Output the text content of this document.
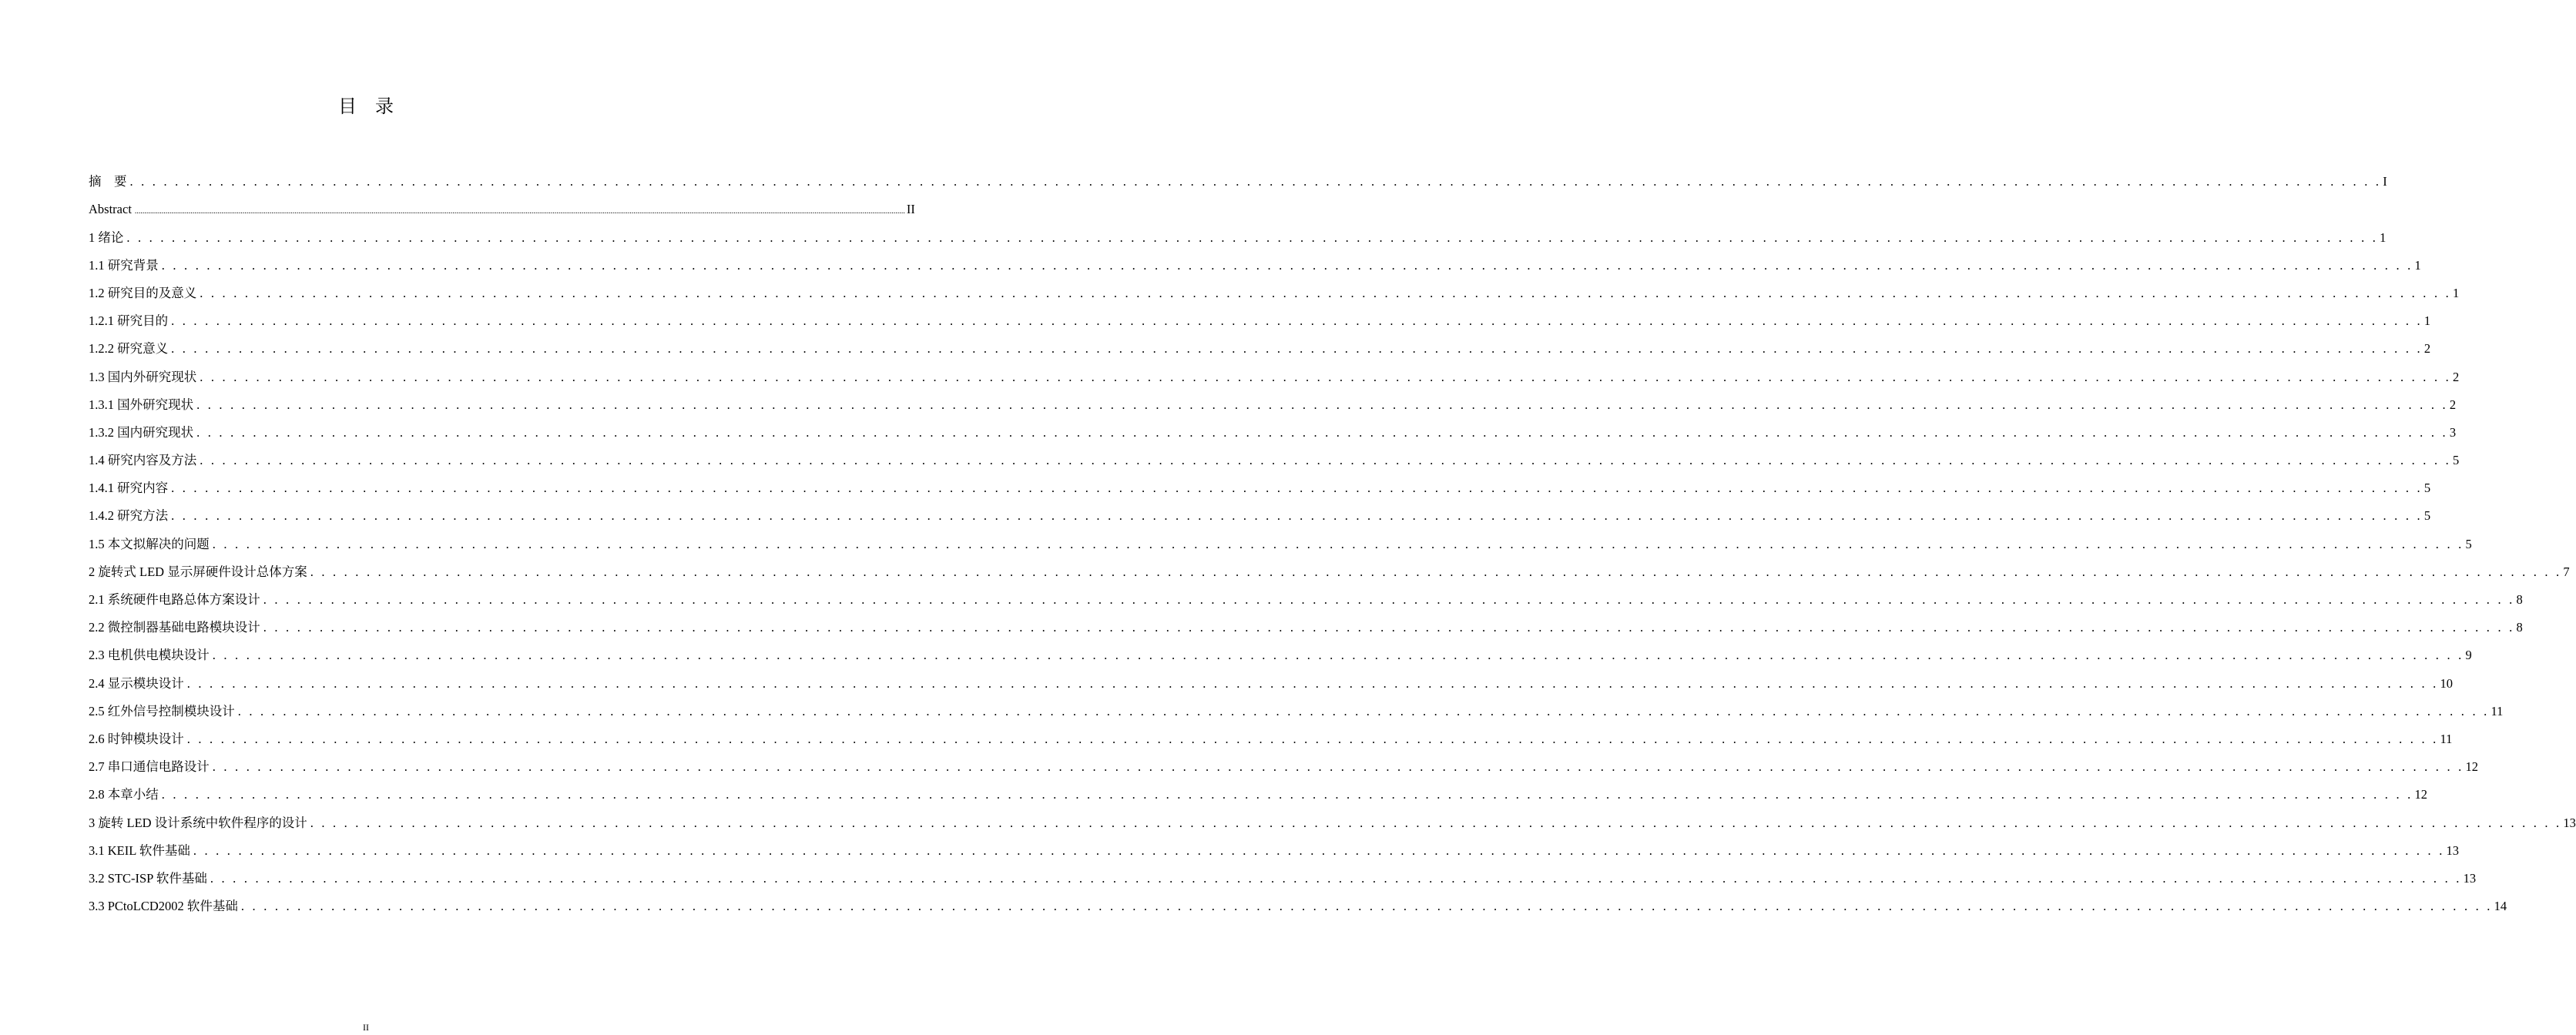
目　录
摘　要 . . . . . . . . . . . . . . . . . . . . . . . . . . . . . . . . . . . . . . . . . . . . . . . . . . . . . . . . . . . . . . . . . . . . . . . . . . . . . . . . . . . . . . . . . . . . . . . . . . . . . . . . . . . . . . . . . . . . . . . . . . . . . . . . . . . . . . . . . . . . . . . . . . . . . . . . . . . . . . . . . . . . . . . . . . . . . . . . . . . . . . . . . . . . . . . . . . . . . . . . I
Abstract ................................................................................................................................................................................................................................................................................................................................................................................................................ II
1 绪论 . . . . . . . . . . . . . . . . . . . . . . . . . . . . . . . . . . . . . . . . . . . . . . . . . . . . . . . . . . . . . . . . . . . . . . . . . . . . . . . . . . . . . . . . . . . . . . . . . . . . . . . . . . . . . . . . . . . . . . . . . . . . . . . . . . . . . . . . . . . . . . . . . . . . . . . . . . . . . . . . . . . . . . . . . . . . . . . . . . . . . . . . . . . . . . . . . . . . . . . . 1
1.1 研究背景 . . . . . . . . . . . . . . . . . . . . . . . . . . . . . . . . . . . . . . . . . . . . . . . . . . . . . . . . . . . . . . . . . . . . . . . . . . . . . . . . . . . . . . . . . . . . . . . . . . . . . . . . . . . . . . . . . . . . . . . . . . . . . . . . . . . . . . . . . . . . . . . . . . . . . . . . . . . . . . . . . . . . . . . . . . . . . . . . . . . . . . . . . . . . . . . . . . . . . . . . 1
1.2 研究目的及意义 . . . . . . . . . . . . . . . . . . . . . . . . . . . . . . . . . . . . . . . . . . . . . . . . . . . . . . . . . . . . . . . . . . . . . . . . . . . . . . . . . . . . . . . . . . . . . . . . . . . . . . . . . . . . . . . . . . . . . . . . . . . . . . . . . . . . . . . . . . . . . . . . . . . . . . . . . . . . . . . . . . . . . . . . . . . . . . . . . . . . . . . . . . . . . . . . . . . . . . . . 1
1.2.1 研究目的 . . . . . . . . . . . . . . . . . . . . . . . . . . . . . . . . . . . . . . . . . . . . . . . . . . . . . . . . . . . . . . . . . . . . . . . . . . . . . . . . . . . . . . . . . . . . . . . . . . . . . . . . . . . . . . . . . . . . . . . . . . . . . . . . . . . . . . . . . . . . . . . . . . . . . . . . . . . . . . . . . . . . . . . . . . . . . . . . . . . . . . . . . . . . . . . . . . . . . . . . 1
1.2.2 研究意义 . . . . . . . . . . . . . . . . . . . . . . . . . . . . . . . . . . . . . . . . . . . . . . . . . . . . . . . . . . . . . . . . . . . . . . . . . . . . . . . . . . . . . . . . . . . . . . . . . . . . . . . . . . . . . . . . . . . . . . . . . . . . . . . . . . . . . . . . . . . . . . . . . . . . . . . . . . . . . . . . . . . . . . . . . . . . . . . . . . . . . . . . . . . . . . . . . . . . . . . . 2
1.3 国内外研究现状 . . . . . . . . . . . . . . . . . . . . . . . . . . . . . . . . . . . . . . . . . . . . . . . . . . . . . . . . . . . . . . . . . . . . . . . . . . . . . . . . . . . . . . . . . . . . . . . . . . . . . . . . . . . . . . . . . . . . . . . . . . . . . . . . . . . . . . . . . . . . . . . . . . . . . . . . . . . . . . . . . . . . . . . . . . . . . . . . . . . . . . . . . . . . . . . . . . . . . . . . 2
1.3.1 国外研究现状 . . . . . . . . . . . . . . . . . . . . . . . . . . . . . . . . . . . . . . . . . . . . . . . . . . . . . . . . . . . . . . . . . . . . . . . . . . . . . . . . . . . . . . . . . . . . . . . . . . . . . . . . . . . . . . . . . . . . . . . . . . . . . . . . . . . . . . . . . . . . . . . . . . . . . . . . . . . . . . . . . . . . . . . . . . . . . . . . . . . . . . . . . . . . . . . . . . . . . . . . 2
1.3.2 国内研究现状 . . . . . . . . . . . . . . . . . . . . . . . . . . . . . . . . . . . . . . . . . . . . . . . . . . . . . . . . . . . . . . . . . . . . . . . . . . . . . . . . . . . . . . . . . . . . . . . . . . . . . . . . . . . . . . . . . . . . . . . . . . . . . . . . . . . . . . . . . . . . . . . . . . . . . . . . . . . . . . . . . . . . . . . . . . . . . . . . . . . . . . . . . . . . . . . . . . . . . . . . 3
1.4 研究内容及方法 . . . . . . . . . . . . . . . . . . . . . . . . . . . . . . . . . . . . . . . . . . . . . . . . . . . . . . . . . . . . . . . . . . . . . . . . . . . . . . . . . . . . . . . . . . . . . . . . . . . . . . . . . . . . . . . . . . . . . . . . . . . . . . . . . . . . . . . . . . . . . . . . . . . . . . . . . . . . . . . . . . . . . . . . . . . . . . . . . . . . . . . . . . . . . . . . . . . . . . . . 5
1.4.1 研究内容 . . . . . . . . . . . . . . . . . . . . . . . . . . . . . . . . . . . . . . . . . . . . . . . . . . . . . . . . . . . . . . . . . . . . . . . . . . . . . . . . . . . . . . . . . . . . . . . . . . . . . . . . . . . . . . . . . . . . . . . . . . . . . . . . . . . . . . . . . . . . . . . . . . . . . . . . . . . . . . . . . . . . . . . . . . . . . . . . . . . . . . . . . . . . . . . . . . . . . . . . 5
1.4.2 研究方法 . . . . . . . . . . . . . . . . . . . . . . . . . . . . . . . . . . . . . . . . . . . . . . . . . . . . . . . . . . . . . . . . . . . . . . . . . . . . . . . . . . . . . . . . . . . . . . . . . . . . . . . . . . . . . . . . . . . . . . . . . . . . . . . . . . . . . . . . . . . . . . . . . . . . . . . . . . . . . . . . . . . . . . . . . . . . . . . . . . . . . . . . . . . . . . . . . . . . . . . . 5
1.5 本文拟解决的问题 . . . . . . . . . . . . . . . . . . . . . . . . . . . . . . . . . . . . . . . . . . . . . . . . . . . . . . . . . . . . . . . . . . . . . . . . . . . . . . . . . . . . . . . . . . . . . . . . . . . . . . . . . . . . . . . . . . . . . . . . . . . . . . . . . . . . . . . . . . . . . . . . . . . . . . . . . . . . . . . . . . . . . . . . . . . . . . . . . . . . . . . . . . . . . . . . . . . . . . . . 5
2 旋转式 LED 显示屏硬件设计总体方案 . . . . . . . . . . . . . . . . . . . . . . . . . . . . . . . . . . . . . . . . . . . . . . . . . . . . . . . . . . . . . . . . . . . . . . . . . . . . . . . . . . . . . . . . . . . . . . . . . . . . . . . . . . . . . . . . . . . . . . . . . . . . . . . . . . . . . . . . . . . . . . . . . . . . . . . . . . . . . . . . . . . . . . . . . . . . . . . . . . . . . . . . . . . . . . . . . . . . . . . . 7
2.1 系统硬件电路总体方案设计 . . . . . . . . . . . . . . . . . . . . . . . . . . . . . . . . . . . . . . . . . . . . . . . . . . . . . . . . . . . . . . . . . . . . . . . . . . . . . . . . . . . . . . . . . . . . . . . . . . . . . . . . . . . . . . . . . . . . . . . . . . . . . . . . . . . . . . . . . . . . . . . . . . . . . . . . . . . . . . . . . . . . . . . . . . . . . . . . . . . . . . . . . . . . . . . . . . . . . . . . 8
2.2 微控制器基础电路模块设计 . . . . . . . . . . . . . . . . . . . . . . . . . . . . . . . . . . . . . . . . . . . . . . . . . . . . . . . . . . . . . . . . . . . . . . . . . . . . . . . . . . . . . . . . . . . . . . . . . . . . . . . . . . . . . . . . . . . . . . . . . . . . . . . . . . . . . . . . . . . . . . . . . . . . . . . . . . . . . . . . . . . . . . . . . . . . . . . . . . . . . . . . . . . . . . . . . . . . . . . . 8
2.3 电机供电模块设计 . . . . . . . . . . . . . . . . . . . . . . . . . . . . . . . . . . . . . . . . . . . . . . . . . . . . . . . . . . . . . . . . . . . . . . . . . . . . . . . . . . . . . . . . . . . . . . . . . . . . . . . . . . . . . . . . . . . . . . . . . . . . . . . . . . . . . . . . . . . . . . . . . . . . . . . . . . . . . . . . . . . . . . . . . . . . . . . . . . . . . . . . . . . . . . . . . . . . . . . . 9
2.4 显示模块设计 . . . . . . . . . . . . . . . . . . . . . . . . . . . . . . . . . . . . . . . . . . . . . . . . . . . . . . . . . . . . . . . . . . . . . . . . . . . . . . . . . . . . . . . . . . . . . . . . . . . . . . . . . . . . . . . . . . . . . . . . . . . . . . . . . . . . . . . . . . . . . . . . . . . . . . . . . . . . . . . . . . . . . . . . . . . . . . . . . . . . . . . . . . . . . . . . . . . . . . . . 10
2.5 红外信号控制模块设计 . . . . . . . . . . . . . . . . . . . . . . . . . . . . . . . . . . . . . . . . . . . . . . . . . . . . . . . . . . . . . . . . . . . . . . . . . . . . . . . . . . . . . . . . . . . . . . . . . . . . . . . . . . . . . . . . . . . . . . . . . . . . . . . . . . . . . . . . . . . . . . . . . . . . . . . . . . . . . . . . . . . . . . . . . . . . . . . . . . . . . . . . . . . . . . . . . . . . . . . . 11
2.6 时钟模块设计 . . . . . . . . . . . . . . . . . . . . . . . . . . . . . . . . . . . . . . . . . . . . . . . . . . . . . . . . . . . . . . . . . . . . . . . . . . . . . . . . . . . . . . . . . . . . . . . . . . . . . . . . . . . . . . . . . . . . . . . . . . . . . . . . . . . . . . . . . . . . . . . . . . . . . . . . . . . . . . . . . . . . . . . . . . . . . . . . . . . . . . . . . . . . . . . . . . . . . . . . 11
2.7 串口通信电路设计 . . . . . . . . . . . . . . . . . . . . . . . . . . . . . . . . . . . . . . . . . . . . . . . . . . . . . . . . . . . . . . . . . . . . . . . . . . . . . . . . . . . . . . . . . . . . . . . . . . . . . . . . . . . . . . . . . . . . . . . . . . . . . . . . . . . . . . . . . . . . . . . . . . . . . . . . . . . . . . . . . . . . . . . . . . . . . . . . . . . . . . . . . . . . . . . . . . . . . . . . 12
2.8 本章小结 . . . . . . . . . . . . . . . . . . . . . . . . . . . . . . . . . . . . . . . . . . . . . . . . . . . . . . . . . . . . . . . . . . . . . . . . . . . . . . . . . . . . . . . . . . . . . . . . . . . . . . . . . . . . . . . . . . . . . . . . . . . . . . . . . . . . . . . . . . . . . . . . . . . . . . . . . . . . . . . . . . . . . . . . . . . . . . . . . . . . . . . . . . . . . . . . . . . . . . . . 12
3 旋转 LED 设计系统中软件程序的设计 . . . . . . . . . . . . . . . . . . . . . . . . . . . . . . . . . . . . . . . . . . . . . . . . . . . . . . . . . . . . . . . . . . . . . . . . . . . . . . . . . . . . . . . . . . . . . . . . . . . . . . . . . . . . . . . . . . . . . . . . . . . . . . . . . . . . . . . . . . . . . . . . . . . . . . . . . . . . . . . . . . . . . . . . . . . . . . . . . . . . . . . . . . . . . . . . . . . . . . . . 13
3.1 KEIL 软件基础 . . . . . . . . . . . . . . . . . . . . . . . . . . . . . . . . . . . . . . . . . . . . . . . . . . . . . . . . . . . . . . . . . . . . . . . . . . . . . . . . . . . . . . . . . . . . . . . . . . . . . . . . . . . . . . . . . . . . . . . . . . . . . . . . . . . . . . . . . . . . . . . . . . . . . . . . . . . . . . . . . . . . . . . . . . . . . . . . . . . . . . . . . . . . . . . . . . . . . . . . 13
3.2 STC-ISP 软件基础 . . . . . . . . . . . . . . . . . . . . . . . . . . . . . . . . . . . . . . . . . . . . . . . . . . . . . . . . . . . . . . . . . . . . . . . . . . . . . . . . . . . . . . . . . . . . . . . . . . . . . . . . . . . . . . . . . . . . . . . . . . . . . . . . . . . . . . . . . . . . . . . . . . . . . . . . . . . . . . . . . . . . . . . . . . . . . . . . . . . . . . . . . . . . . . . . . . . . . . . . 13
3.3 PCtoLCD2002 软件基础 . . . . . . . . . . . . . . . . . . . . . . . . . . . . . . . . . . . . . . . . . . . . . . . . . . . . . . . . . . . . . . . . . . . . . . . . . . . . . . . . . . . . . . . . . . . . . . . . . . . . . . . . . . . . . . . . . . . . . . . . . . . . . . . . . . . . . . . . . . . . . . . . . . . . . . . . . . . . . . . . . . . . . . . . . . . . . . . . . . . . . . . . . . . . . . . . . . . . . . . . 14
II
